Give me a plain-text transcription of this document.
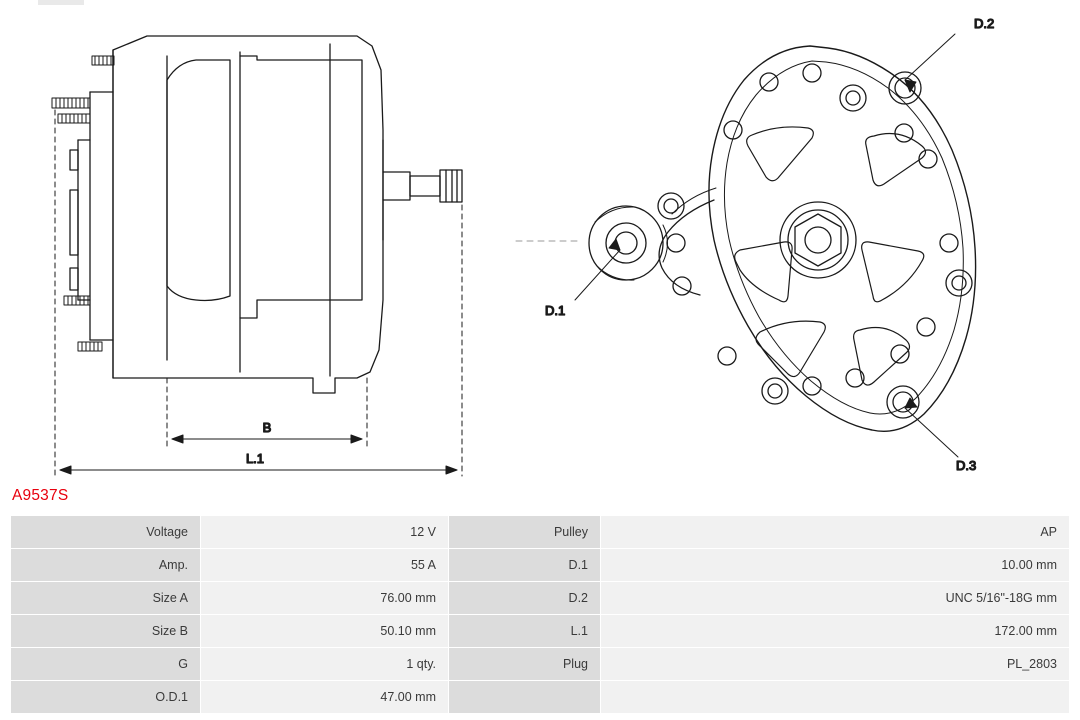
B
L.1
D.2
D.1
D.3
A9537S
Voltage	12 V	Pulley	AP
Amp.	55 A	D.1	10.00 mm
Size A	76.00 mm	D.2	UNC 5/16"-18G mm
Size B	50.10 mm	L.1	172.00 mm
G	1 qty.	Plug	PL_2803
O.D.1	47.00 mm		
